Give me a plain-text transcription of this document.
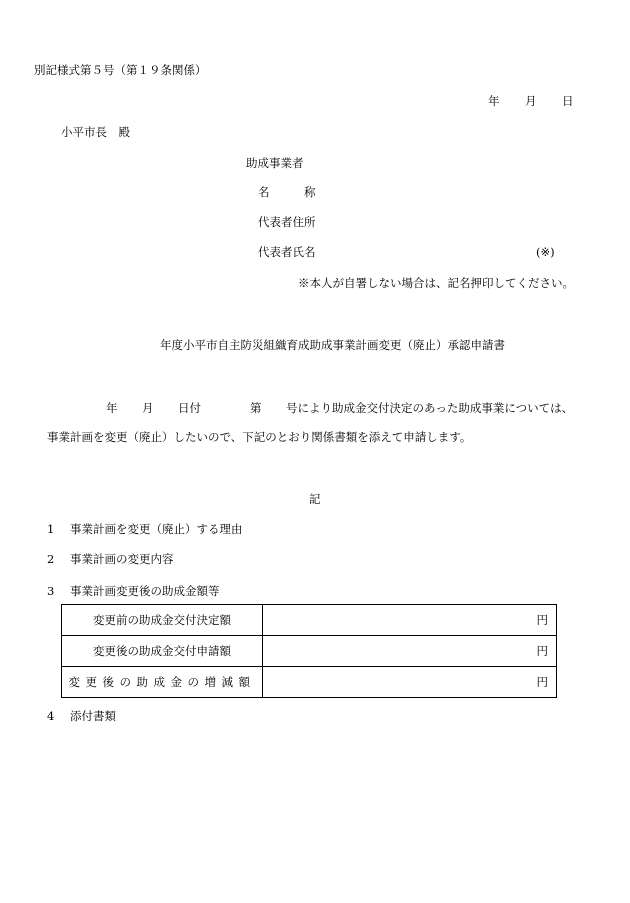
別記様式第５号（第１９条関係）
年 月 日
小平市長　殿
助成事業者
名　　　称
代表者住所
代表者氏名	(※)
※本人が自署しない場合は、記名押印してください。
年度小平市自主防災組織育成助成事業計画変更（廃止）承認申請書
年 月 日付	第 号により助成金交付決定のあった助成事業については、
事業計画を変更（廃止）したいので、下記のとおり関係書類を添えて申請します。
記
1 事業計画を変更（廃止）する理由
2 事業計画の変更内容
3 事業計画変更後の助成金額等
変更前の助成金交付決定額	円
変更後の助成金交付申請額	円
変更後の助成金の増減額	円
4 添付書類
